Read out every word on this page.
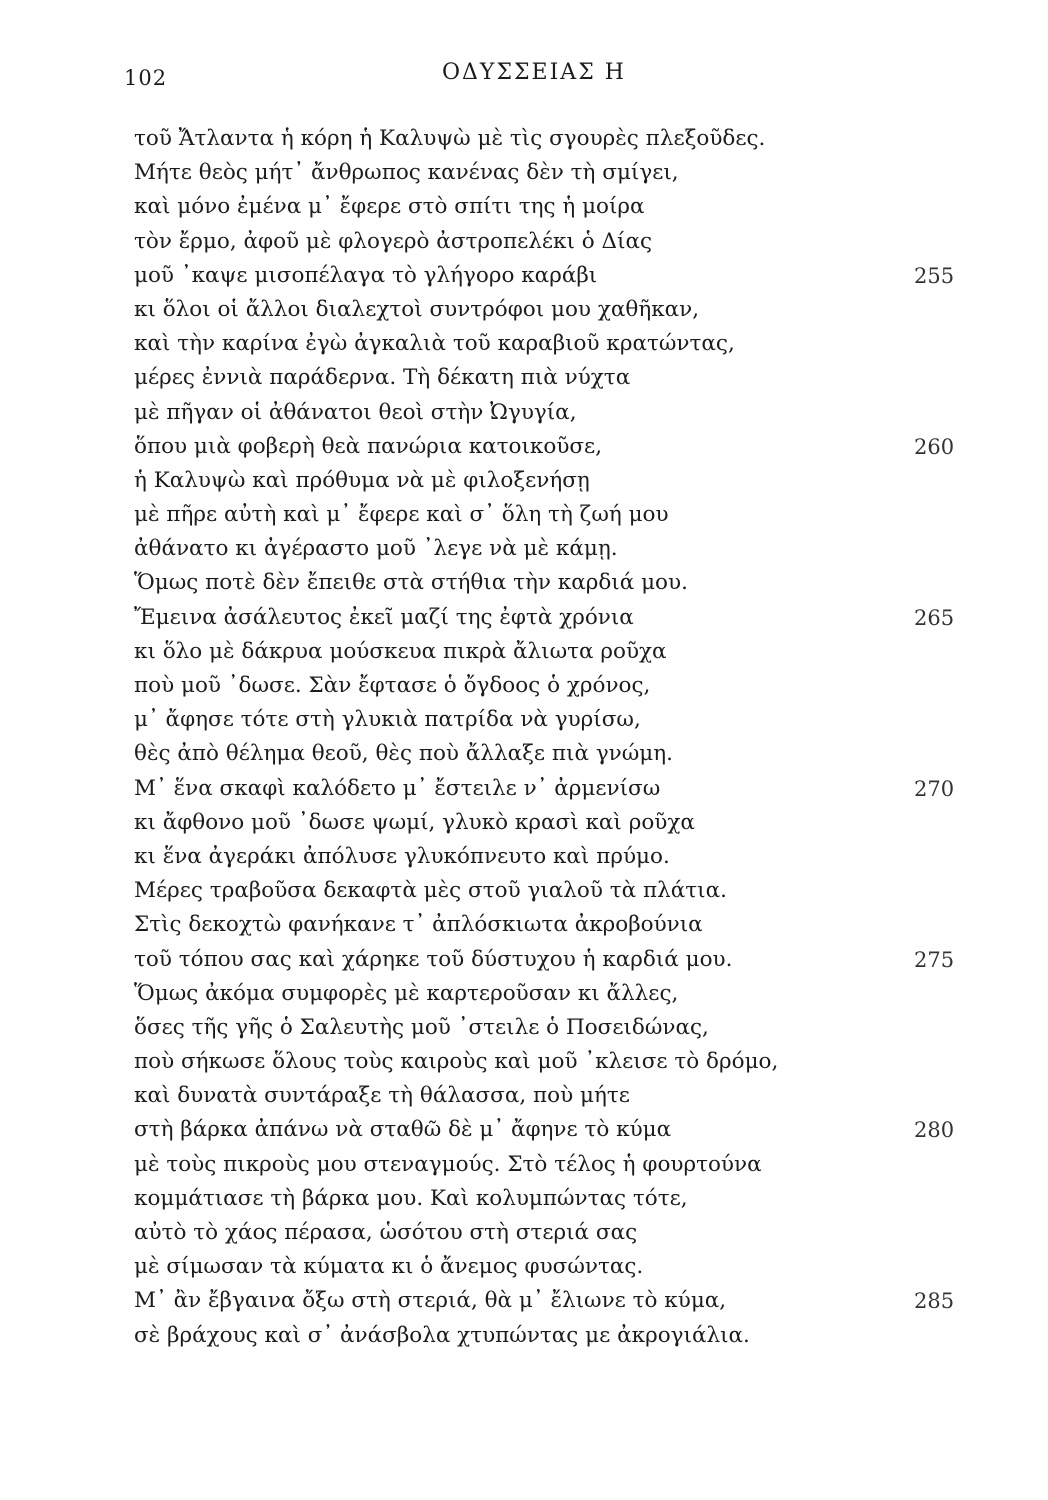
102	ΟΔΥΣΣΕΙΑΣ Η
τοῦ Ἄτλαντα ἡ κόρη ἡ Καλυψὼ μὲ τὶς σγουρὲς πλεξοῦδες.
Μήτε θεὸς μήτ᾿ ἄνθρωπος κανένας δὲν τὴ σμίγει,
καὶ μόνο ἐμένα μ᾿ ἔφερε στὸ σπίτι της ἡ μοίρα
τὸν ἔρμο, ἀφοῦ μὲ φλογερὸ ἀστροπελέκι ὁ Δίας
μοῦ ᾿καψε μισοπέλαγα τὸ γλήγορο καράβι	255
κι ὅλοι οἱ ἄλλοι διαλεχτοὶ συντρόφοι μου χαθῆκαν,
καὶ τὴν καρίνα ἐγὼ ἀγκαλιὰ τοῦ καραβιοῦ κρατώντας,
μέρες ἐννιὰ παράδερνα. Τὴ δέκατη πιὰ νύχτα
μὲ πῆγαν οἱ ἀθάνατοι θεοὶ στὴν Ὠγυγία,
ὅπου μιὰ φοβερὴ θεὰ πανώρια κατοικοῦσε,	260
ἡ Καλυψὼ καὶ πρόθυμα νὰ μὲ φιλοξενήσῃ
μὲ πῆρε αὐτὴ καὶ μ᾿ ἔφερε καὶ σ᾿ ὅλη τὴ ζωή μου
ἀθάνατο κι ἀγέραστο μοῦ ᾿λεγε νὰ μὲ κάμῃ.
Ὅμως ποτὲ δὲν ἔπειθε στὰ στήθια τὴν καρδιά μου.
Ἔμεινα ἀσάλευτος ἐκεῖ μαζί της ἐφτὰ χρόνια	265
κι ὅλο μὲ δάκρυα μούσκευα πικρὰ ἄλιωτα ροῦχα
ποὺ μοῦ ᾿δωσε. Σὰν ἔφτασε ὁ ὄγδοος ὁ χρόνος,
μ᾿ ἄφησε τότε στὴ γλυκιὰ πατρίδα νὰ γυρίσω,
θὲς ἀπὸ θέλημα θεοῦ, θὲς ποὺ ἄλλαξε πιὰ γνώμη.
Μ᾿ ἕνα σκαφὶ καλόδετο μ᾿ ἔστειλε ν᾿ ἀρμενίσω	270
κι ἄφθονο μοῦ ᾿δωσε ψωμί, γλυκὸ κρασὶ καὶ ροῦχα
κι ἕνα ἀγεράκι ἀπόλυσε γλυκόπνευτο καὶ πρύμο.
Μέρες τραβοῦσα δεκαφτὰ μὲς στοῦ γιαλοῦ τὰ πλάτια.
Στὶς δεκοχτὼ φανήκανε τ᾿ ἀπλόσκιωτα ἀκροβούνια
τοῦ τόπου σας καὶ χάρηκε τοῦ δύστυχου ἡ καρδιά μου.	275
Ὅμως ἀκόμα συμφορὲς μὲ καρτεροῦσαν κι ἄλλες,
ὅσες τῆς γῆς ὁ Σαλευτὴς μοῦ ᾿στειλε ὁ Ποσειδώνας,
ποὺ σήκωσε ὅλους τοὺς καιροὺς καὶ μοῦ ᾿κλεισε τὸ δρόμο,
καὶ δυνατὰ συντάραξε τὴ θάλασσα, ποὺ μήτε
στὴ βάρκα ἀπάνω νὰ σταθῶ δὲ μ᾿ ἄφηνε τὸ κύμα	280
μὲ τοὺς πικροὺς μου στεναγμούς. Στὸ τέλος ἡ φουρτούνα
κομμάτιασε τὴ βάρκα μου. Καὶ κολυμπώντας τότε,
αὐτὸ τὸ χάος πέρασα, ὡσότου στὴ στεριά σας
μὲ σίμωσαν τὰ κύματα κι ὁ ἄνεμος φυσώντας.
Μ᾿ ἂν ἔβγαινα ὄξω στὴ στεριά, θὰ μ᾿ ἔλιωνε τὸ κύμα,	285
σὲ βράχους καὶ σ᾿ ἀνάσβολα χτυπώντας με ἀκρογιάλια.
